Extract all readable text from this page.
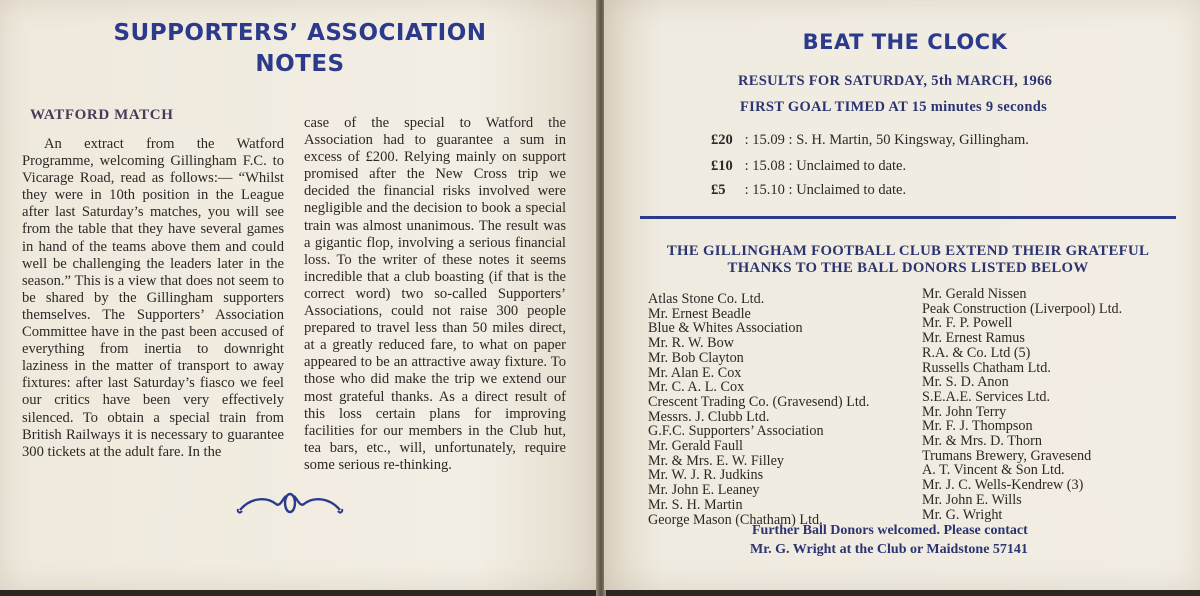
SUPPORTERS’ ASSOCIATION
NOTES
WATFORD MATCH

An extract from the Watford Programme, welcoming Gillingham F.C. to Vicarage Road, read as follows:— “Whilst they were in 10th position in the League after last Saturday’s matches, you will see from the table that they have several games in hand of the teams above them and could well be challenging the leaders later in the season.” This is a view that does not seem to be shared by the Gillingham supporters themselves. The Supporters’ Association Committee have in the past been accused of everything from inertia to downright laziness in the matter of transport to away fixtures: after last Saturday’s fiasco we feel our critics have been very effectively silenced. To obtain a special train from British Railways it is necessary to guarantee 300 tickets at the adult fare. In the

case of the special to Watford the Association had to guarantee a sum in excess of £200. Relying mainly on support promised after the New Cross trip we decided the financial risks involved were negligible and the decision to book a special train was almost unanimous. The result was a gigantic flop, involving a serious financial loss. To the writer of these notes it seems incredible that a club boasting (if that is the correct word) two so-called Supporters’ Associations, could not raise 300 people prepared to travel less than 50 miles direct, at a greatly reduced fare, to what on paper appeared to be an attractive away fixture. To those who did make the trip we extend our most grateful thanks. As a direct result of this loss certain plans for improving facilities for our members in the Club hut, tea bars, etc., will, unfortunately, require some serious re-thinking.

BEAT THE CLOCK
RESULTS FOR SATURDAY, 5th MARCH, 1966
FIRST GOAL TIMED AT 15 minutes 9 seconds
£20 : 15.09 : S. H. Martin, 50 Kingsway, Gillingham.
£10 : 15.08 : Unclaimed to date.
£5 : 15.10 : Unclaimed to date.
THE GILLINGHAM FOOTBALL CLUB EXTEND THEIR GRATEFUL
THANKS TO THE BALL DONORS LISTED BELOW
Atlas Stone Co. Ltd.
Mr. Ernest Beadle
Blue & Whites Association
Mr. R. W. Bow
Mr. Bob Clayton
Mr. Alan E. Cox
Mr. C. A. L. Cox
Crescent Trading Co. (Gravesend) Ltd.
Messrs. J. Clubb Ltd.
G.F.C. Supporters’ Association
Mr. Gerald Faull
Mr. & Mrs. E. W. Filley
Mr. W. J. R. Judkins
Mr. John E. Leaney
Mr. S. H. Martin
George Mason (Chatham) Ltd.
Mr. Gerald Nissen
Peak Construction (Liverpool) Ltd.
Mr. F. P. Powell
Mr. Ernest Ramus
R.A. & Co. Ltd (5)
Russells Chatham Ltd.
Mr. S. D. Anon
S.E.A.E. Services Ltd.
Mr. John Terry
Mr. F. J. Thompson
Mr. & Mrs. D. Thorn
Trumans Brewery, Gravesend
A. T. Vincent & Son Ltd.
Mr. J. C. Wells-Kendrew (3)
Mr. John E. Wills
Mr. G. Wright
Further Ball Donors welcomed. Please contact
Mr. G. Wright at the Club or Maidstone 57141
